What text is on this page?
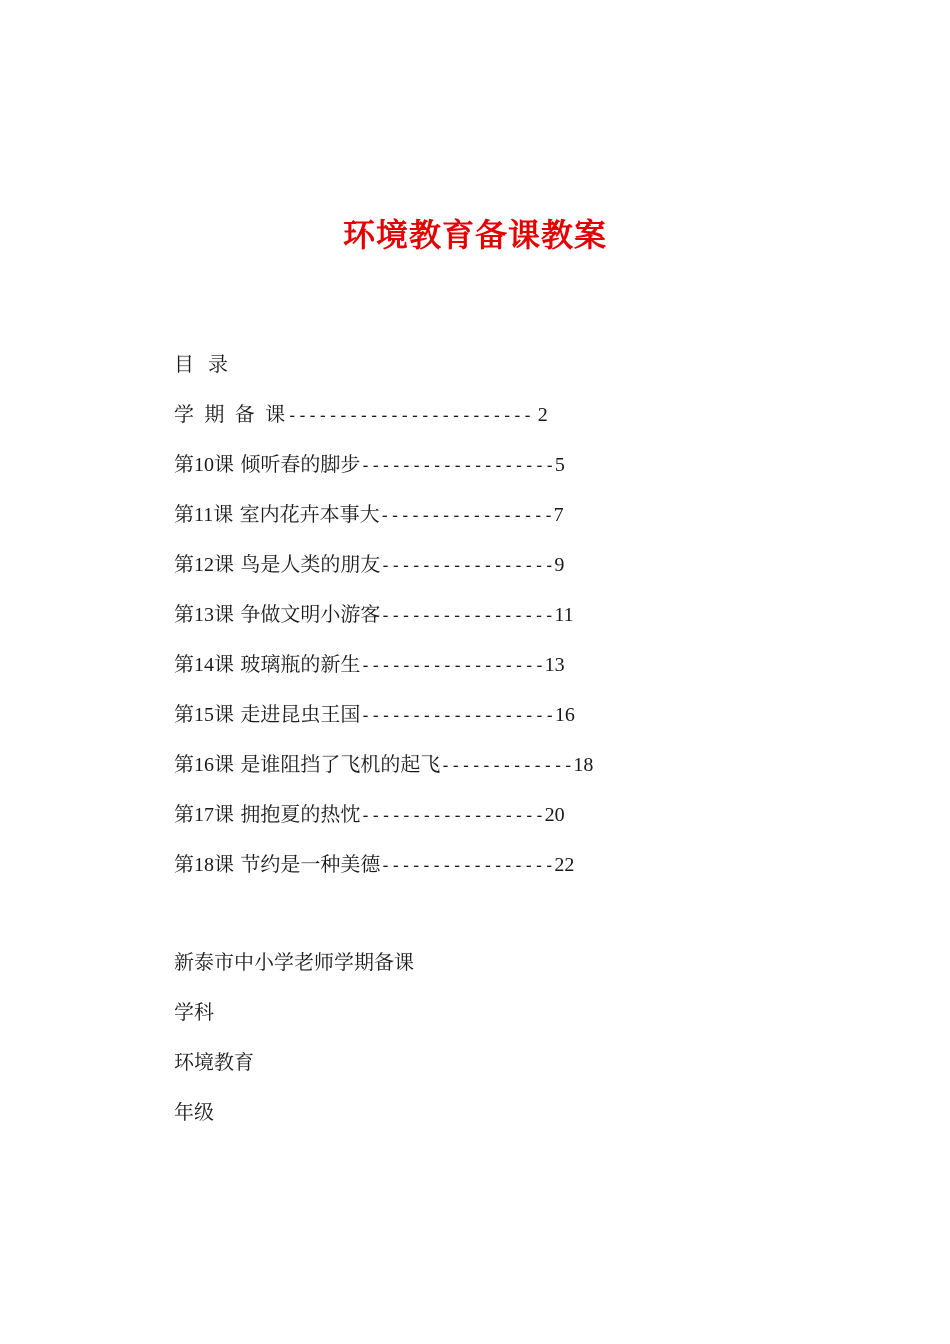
环境教育备课教案
目录
学 期 备 课------------------------ 2
第10课 倾听春的脚步-------------------5
第11课 室内花卉本事大-----------------7
第12课 鸟是人类的朋友-----------------9
第13课 争做文明小游客-----------------11
第14课 玻璃瓶的新生------------------13
第15课 走进昆虫王国-------------------16
第16课 是谁阻挡了飞机的起飞-------------18
第17课 拥抱夏的热忱------------------20
第18课 节约是一种美德-----------------22
新泰市中小学老师学期备课
学科
环境教育
年级
